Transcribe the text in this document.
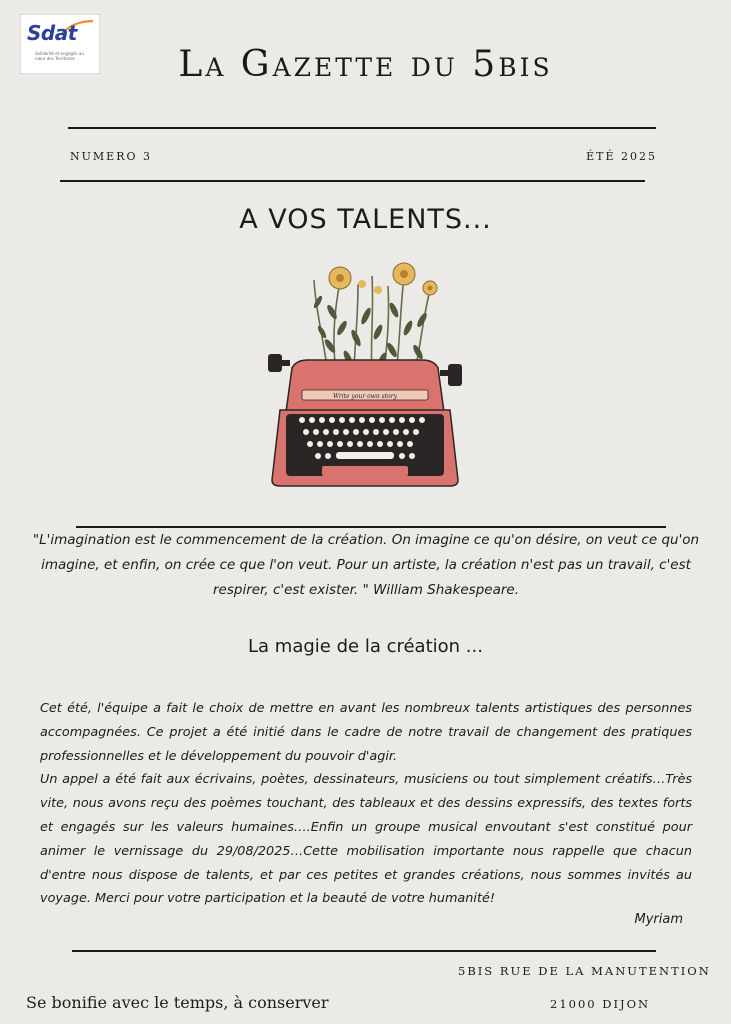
Sdat
Solidarité et engagés au cœur des Territoires	La Gazette du 5bis
NUMERO 3	ÉTÉ 2025
A VOS TALENTS...
Write your own story
"L'imagination est le commencement de la création. On imagine ce qu'on désire, on veut ce qu'on imagine, et enfin, on crée ce que l'on veut. Pour un artiste, la création n'est pas un travail, c'est respirer, c'est exister. " William Shakespeare.
La magie de la création ...

Cet été, l'équipe a fait le choix de mettre en avant les nombreux talents artistiques des personnes accompagnées. Ce projet a été initié dans le cadre de notre travail de changement des pratiques professionnelles et le développement du pouvoir d'agir.

Un appel a été fait aux écrivains, poètes, dessinateurs, musiciens ou tout simplement créatifs…Très vite, nous avons reçu des poèmes touchant, des tableaux et des dessins expressifs, des textes forts et engagés sur les valeurs humaines….Enfin un groupe musical envoutant s'est constitué pour animer le vernissage du 29/08/2025…Cette mobilisation importante nous rappelle que chacun d'entre nous dispose de talents, et par ces petites et grandes créations, nous sommes invités au voyage. Merci pour votre participation et la beauté de votre humanité!

Myriam
Se bonifie avec le temps, à conserver
5BIS RUE DE LA MANUTENTION
21000 DIJON
